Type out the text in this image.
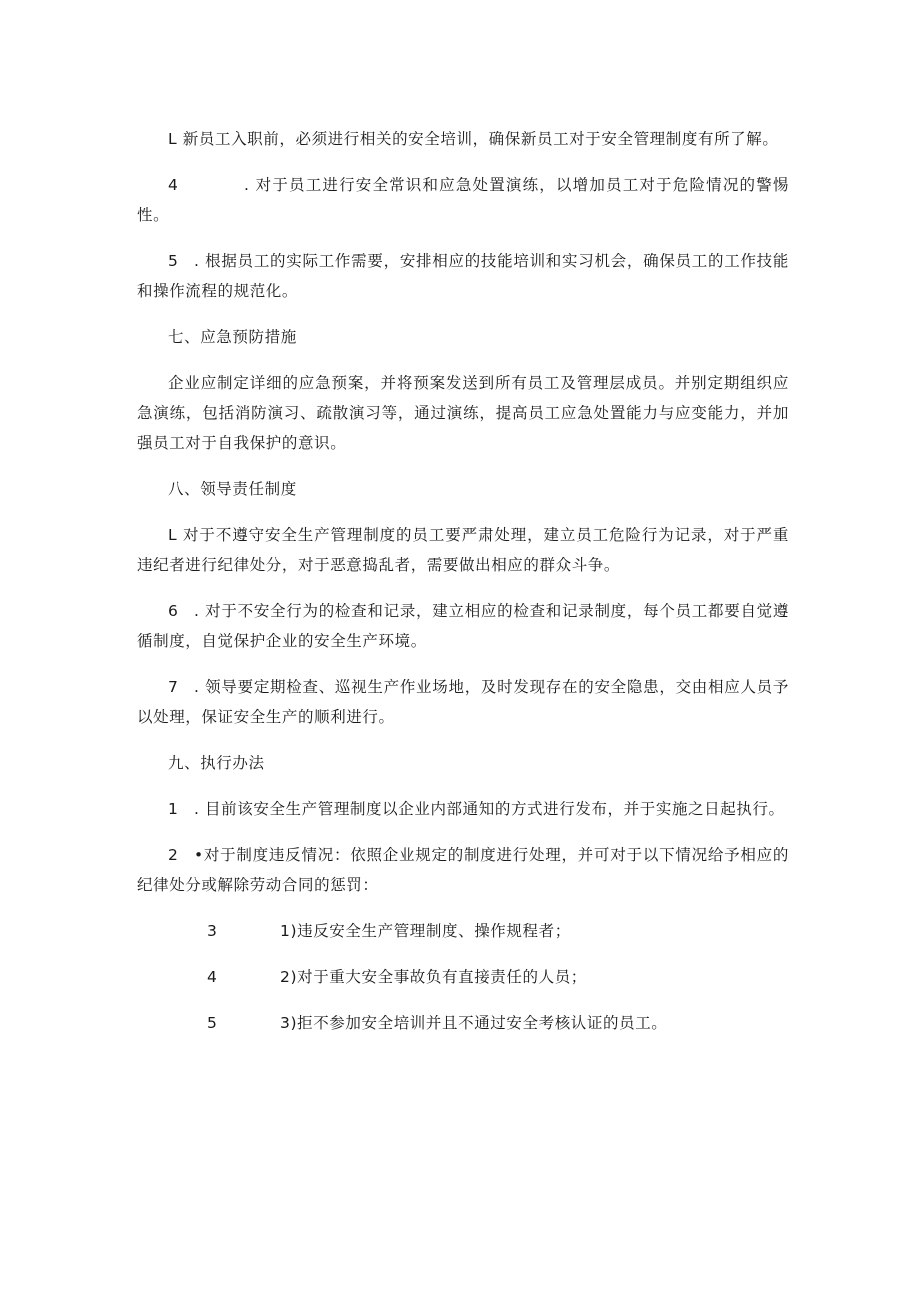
L 新员工入职前，必须进行相关的安全培训，确保新员工对于安全管理制度有所了解。

4	. 对于员工进行安全常识和应急处置演练，以增加员工对于危险情况的警惕性。

5 . 根据员工的实际工作需要，安排相应的技能培训和实习机会，确保员工的工作技能和操作流程的规范化。

七、应急预防措施

企业应制定详细的应急预案，并将预案发送到所有员工及管理层成员。并别定期组织应急演练，包括消防演习、疏散演习等，通过演练，提高员工应急处置能力与应变能力，并加强员工对于自我保护的意识。

八、领导责任制度

L 对于不遵守安全生产管理制度的员工要严肃处理，建立员工危险行为记录，对于严重违纪者进行纪律处分，对于恶意捣乱者，需要做出相应的群众斗争。

6 . 对于不安全行为的检查和记录，建立相应的检查和记录制度，每个员工都要自觉遵循制度，自觉保护企业的安全生产环境。

7 . 领导要定期检查、巡视生产作业场地，及时发现存在的安全隐患，交由相应人员予以处理，保证安全生产的顺利进行。

九、执行办法

1 . 目前该安全生产管理制度以企业内部通知的方式进行发布，并于实施之日起执行。

2 •对于制度违反情况：依照企业规定的制度进行处理，并可对于以下情况给予相应的纪律处分或解除劳动合同的惩罚：

3	1)违反安全生产管理制度、操作规程者；
4	2)对于重大安全事故负有直接责任的人员；
5	3)拒不参加安全培训并且不通过安全考核认证的员工。
